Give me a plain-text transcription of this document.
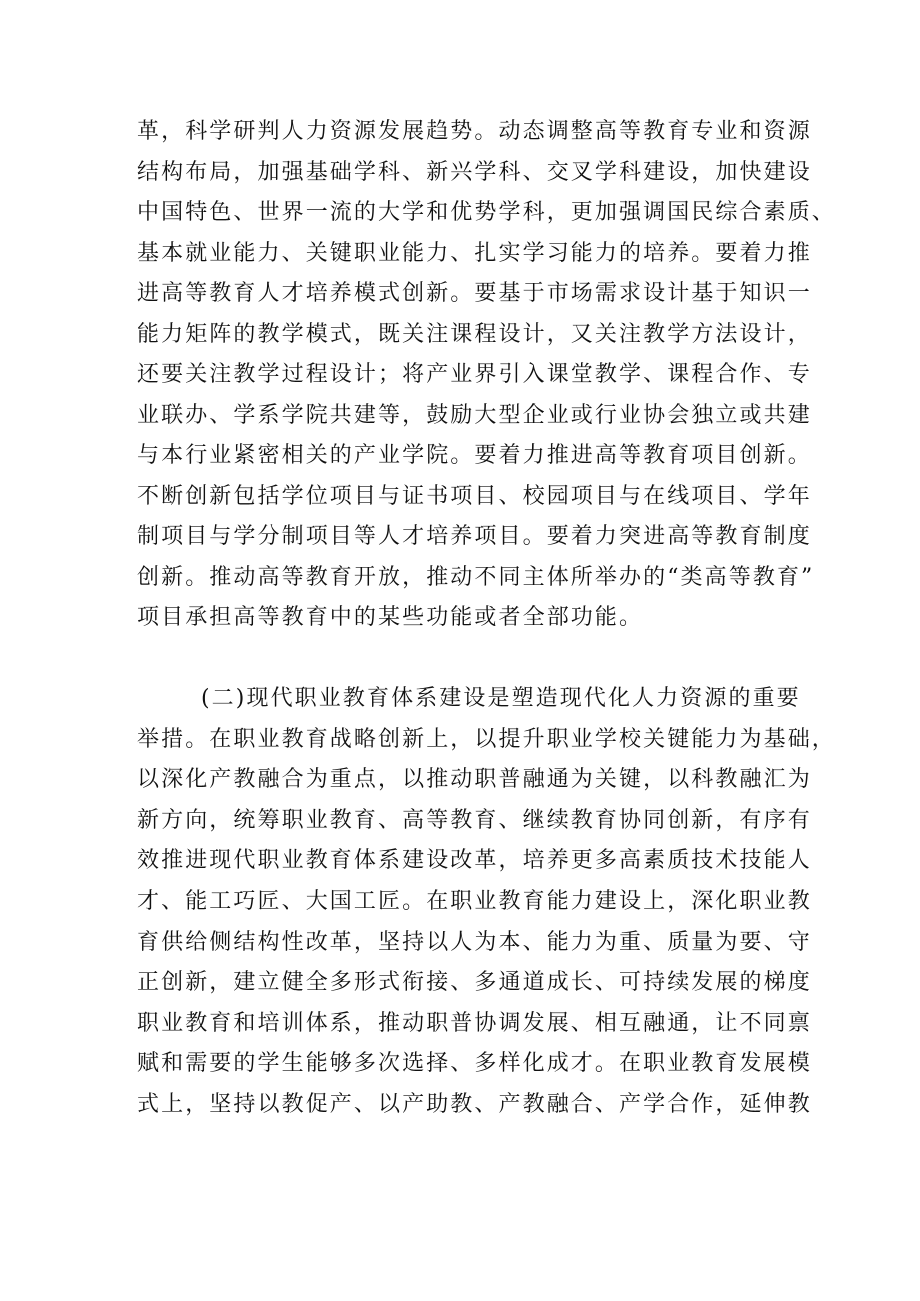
革，科学研判人力资源发展趋势。动态调整高等教育专业和资源
结构布局，加强基础学科、新兴学科、交叉学科建设，加快建设
中国特色、世界一流的大学和优势学科，更加强调国民综合素质、
基本就业能力、关键职业能力、扎实学习能力的培养。要着力推
进高等教育人才培养模式创新。要基于市场需求设计基于知识一
能力矩阵的教学模式，既关注课程设计，又关注教学方法设计，
还要关注教学过程设计；将产业界引入课堂教学、课程合作、专
业联办、学系学院共建等，鼓励大型企业或行业协会独立或共建
与本行业紧密相关的产业学院。要着力推进高等教育项目创新。
不断创新包括学位项目与证书项目、校园项目与在线项目、学年
制项目与学分制项目等人才培养项目。要着力突进高等教育制度
创新。推动高等教育开放，推动不同主体所举办的“类高等教育”
项目承担高等教育中的某些功能或者全部功能。
(二)现代职业教育体系建设是塑造现代化人力资源的重要
举措。在职业教育战略创新上，以提升职业学校关键能力为基础，
以深化产教融合为重点，以推动职普融通为关键，以科教融汇为
新方向，统筹职业教育、高等教育、继续教育协同创新，有序有
效推进现代职业教育体系建设改革，培养更多高素质技术技能人
才、能工巧匠、大国工匠。在职业教育能力建设上，深化职业教
育供给侧结构性改革，坚持以人为本、能力为重、质量为要、守
正创新，建立健全多形式衔接、多通道成长、可持续发展的梯度
职业教育和培训体系，推动职普协调发展、相互融通，让不同禀
赋和需要的学生能够多次选择、多样化成才。在职业教育发展模
式上，坚持以教促产、以产助教、产教融合、产学合作，延伸教
